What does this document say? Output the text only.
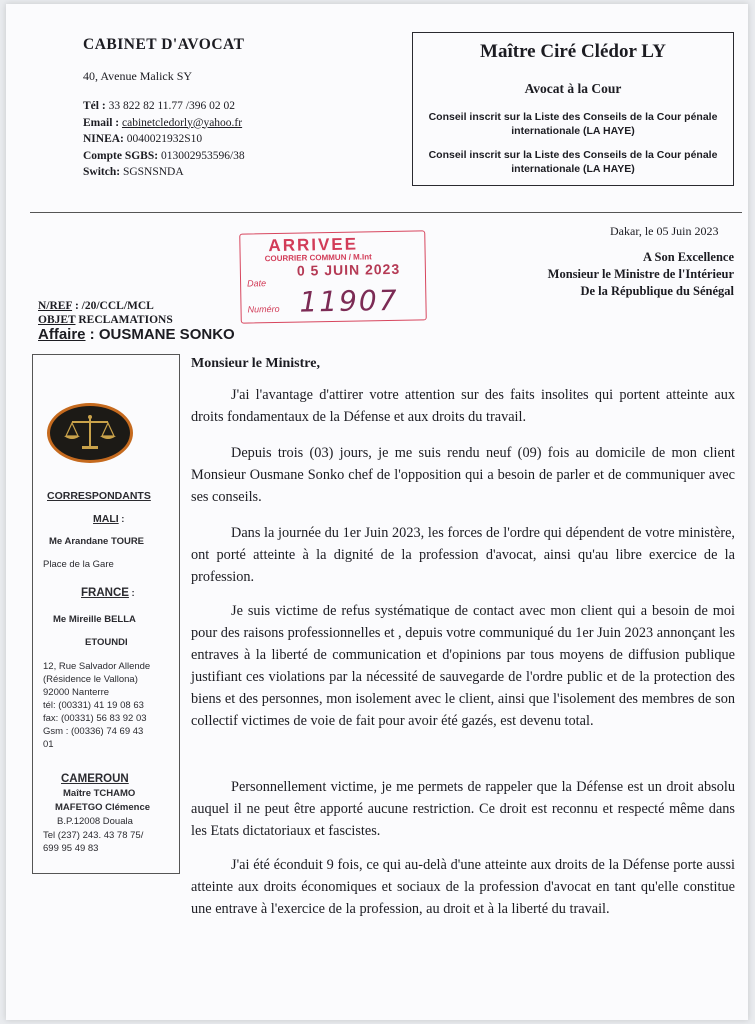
CABINET D'AVOCAT
40, Avenue Malick SY
Tél : 33 822 82 11.77 /396 02 02
Email : cabinetcledorly@yahoo.fr
NINEA: 0040021932S10
Compte SGBS: 013002953596/38
Switch: SGSNSNDA
Maître Ciré Clédor LY
Avocat à la Cour
Conseil inscrit sur la Liste des Conseils de la Cour pénale internationale (LA HAYE)
Conseil inscrit sur la Liste des Conseils de la Cour pénale internationale (LA HAYE)
Dakar, le 05 Juin 2023
A Son Excellence
Monsieur le Ministre de l'Intérieur
De la République du Sénégal
ARRIVEE
COURRIER COMMUN / M.Int
0 5 JUIN 2023
Date
11907
Numéro
N/REF : /20/CCL/MCL
OBJET RECLAMATIONS
Affaire : OUSMANE SONKO
CORRESPONDANTS
MALI :
Me Arandane TOURE
Place de la Gare
FRANCE :
Me Mireille BELLA
ETOUNDI
12, Rue Salvador Allende
(Résidence le Vallona)
92000 Nanterre
tél: (00331) 41 19 08 63
fax: (00331) 56 83 92 03
Gsm : (00336) 74 69 43
01
CAMEROUN
Maître TCHAMO
MAFETGO Clémence
B.P.12008 Douala
Tel (237) 243. 43 78 75/
699 95 49 83
Monsieur le Ministre,
J'ai l'avantage d'attirer votre attention sur des faits insolites qui portent atteinte aux droits fondamentaux de la Défense et aux droits du travail.
Depuis trois (03) jours, je me suis rendu neuf (09) fois au domicile de mon client Monsieur Ousmane Sonko chef de l'opposition qui a besoin de parler et de communiquer avec ses conseils.
Dans la journée du 1er Juin 2023, les forces de l'ordre qui dépendent de votre ministère, ont porté atteinte à la dignité de la profession d'avocat, ainsi qu'au libre exercice de la profession.
Je suis victime de refus systématique de contact avec mon client qui a besoin de moi pour des raisons professionnelles et , depuis votre communiqué du 1er Juin 2023 annonçant les entraves à la liberté de communication et d'opinions par tous moyens de diffusion publique justifiant ces violations par la nécessité de sauvegarde de l'ordre public et de la protection des biens et des personnes, mon isolement avec le client, ainsi que l'isolement des membres de son collectif victimes de voie de fait pour avoir été gazés, est devenu total.
Personnellement victime, je me permets de rappeler que la Défense est un droit absolu auquel il ne peut être apporté aucune restriction. Ce droit est reconnu et respecté même dans les Etats dictatoriaux et fascistes.
J'ai été éconduit 9 fois, ce qui au-delà d'une atteinte aux droits de la Défense porte aussi atteinte aux droits économiques et sociaux de la profession d'avocat en tant qu'elle constitue une entrave à l'exercice de la profession, au droit et à la liberté du travail.
